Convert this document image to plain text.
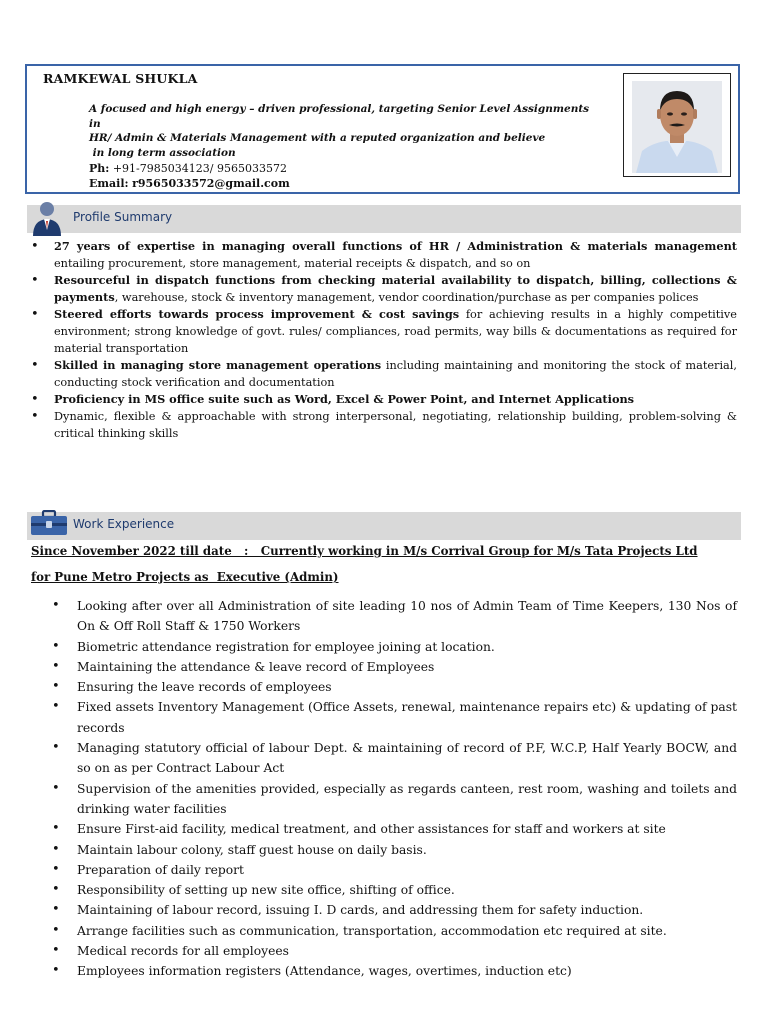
RAMKEWAL SHUKLA

A focused and high energy – driven professional, targeting Senior Level Assignments in
HR/ Admin & Materials Management with a reputed organization and believe
in long term association

Ph: +91-7985034123/ 9565033572
Email: r9565033572@gmail.com
Profile Summary
• 27 years of expertise in managing overall functions of HR / Administration & materials management entailing procurement, store management, material receipts & dispatch, and so on
• Resourceful in dispatch functions from checking material availability to dispatch, billing, collections & payments, warehouse, stock & inventory management, vendor coordination/purchase as per companies polices
• Steered efforts towards process improvement & cost savings for achieving results in a highly competitive environment; strong knowledge of govt. rules/ compliances, road permits, way bills & documentations as required for material transportation
• Skilled in managing store management operations including maintaining and monitoring the stock of material, conducting stock verification and documentation
• Proficiency in MS office suite such as Word, Excel & Power Point, and Internet Applications
• Dynamic, flexible & approachable with strong interpersonal, negotiating, relationship building, problem-solving & critical thinking skills
Work Experience
Since November 2022 till date   :   Currently working in M/s Corrival Group for M/s Tata Projects Ltd
for Pune Metro Projects as  Executive (Admin)
• Looking after over all Administration of site leading 10 nos of Admin Team of Time Keepers, 130 Nos of On & Off Roll Staff & 1750 Workers
• Biometric attendance registration for employee joining at location.
• Maintaining the attendance & leave record of Employees
• Ensuring the leave records of employees
• Fixed assets Inventory Management (Office Assets, renewal, maintenance repairs etc) & updating of past records
• Managing statutory official of labour Dept. & maintaining of record of P.F, W.C.P, Half Yearly BOCW, and so on as per Contract Labour Act
• Supervision of the amenities provided, especially as regards canteen, rest room, washing and toilets and drinking water facilities
• Ensure First-aid facility, medical treatment, and other assistances for staff and workers at site
• Maintain labour colony, staff guest house on daily basis.
• Preparation of daily report
• Responsibility of setting up new site office, shifting of office.
• Maintaining of labour record, issuing I. D cards, and addressing them for safety induction.
• Arrange facilities such as communication, transportation, accommodation etc required at site.
• Medical records for all employees
• Employees information registers (Attendance, wages, overtimes, induction etc)
